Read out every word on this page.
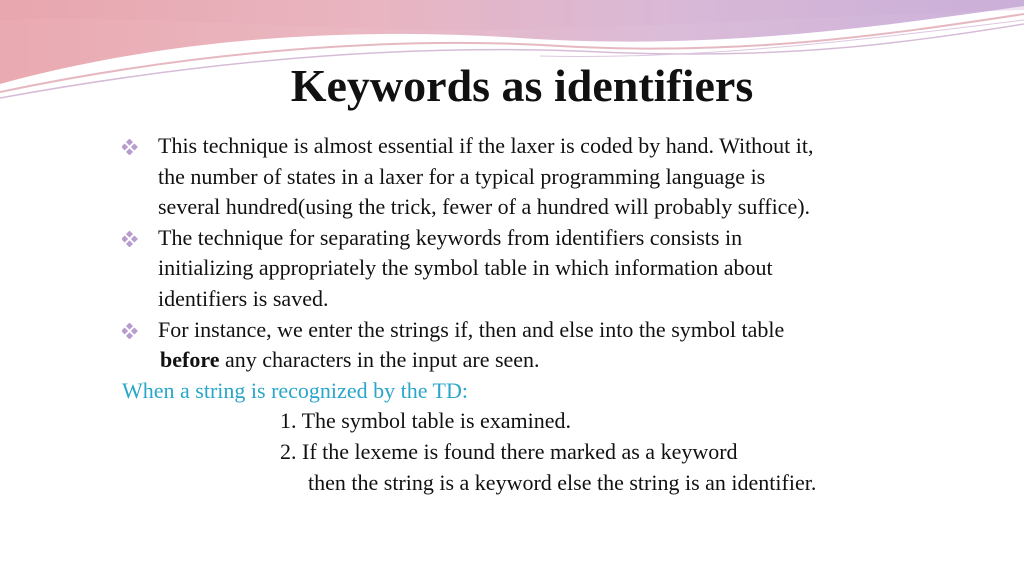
Keywords as identifiers
This technique is almost essential if the laxer is coded by hand. Without it,
the number of states in a laxer for a typical programming language is
several hundred(using the trick, fewer of a hundred will probably suffice).
The technique for separating keywords from identifiers consists in
initializing appropriately the symbol table in which information about
identifiers is saved.
For instance, we enter the strings if, then and else into the symbol table
before any characters in the input are seen.
When a string is recognized by the TD:
1. The symbol table is examined.
2. If the lexeme is found there marked as a keyword
then the string is a keyword else the string is an identifier.
